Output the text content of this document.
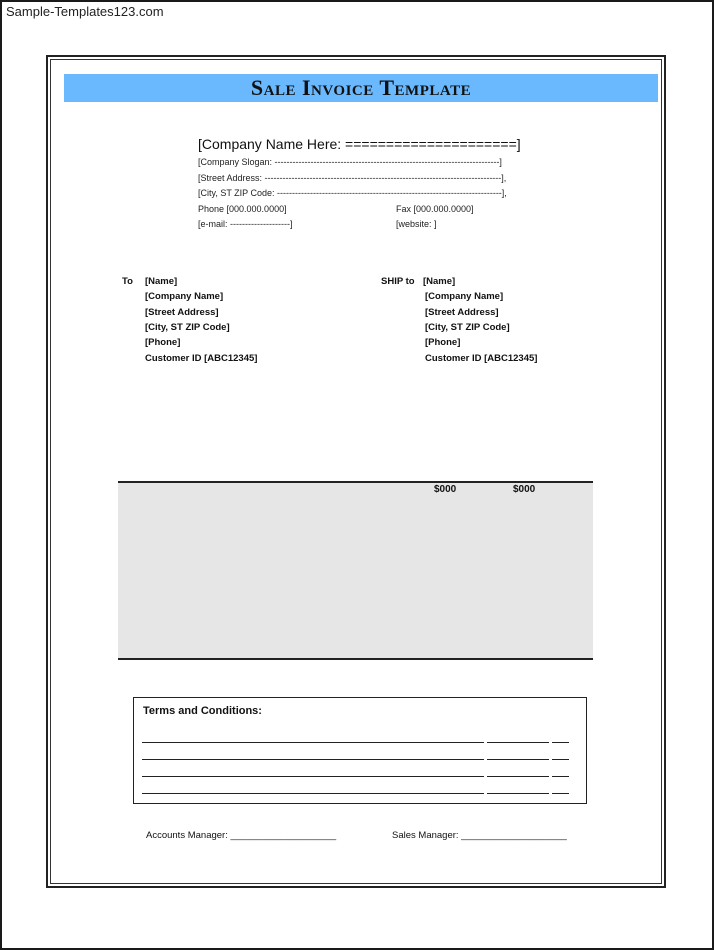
Sample-Templates123.com
Sale Invoice Template
[Company Name Here: =====================]
[Company Slogan: ---------------------------------------------------------------------------]
[Street Address: -------------------------------------------------------------------------------],
[City, ST ZIP Code: ---------------------------------------------------------------------------],
Phone [000.000.0000]	Fax [000.000.0000]
[e-mail: --------------------]	[website: ]
To [Name]
[Company Name]
[Street Address]
[City, ST ZIP Code]
[Phone]
Customer ID [ABC12345]
SHIP to [Name]
[Company Name]
[Street Address]
[City, ST ZIP Code]
[Phone]
Customer ID [ABC12345]
$000	$000
Terms and Conditions:
Accounts Manager: ____________________	Sales Manager: ____________________
